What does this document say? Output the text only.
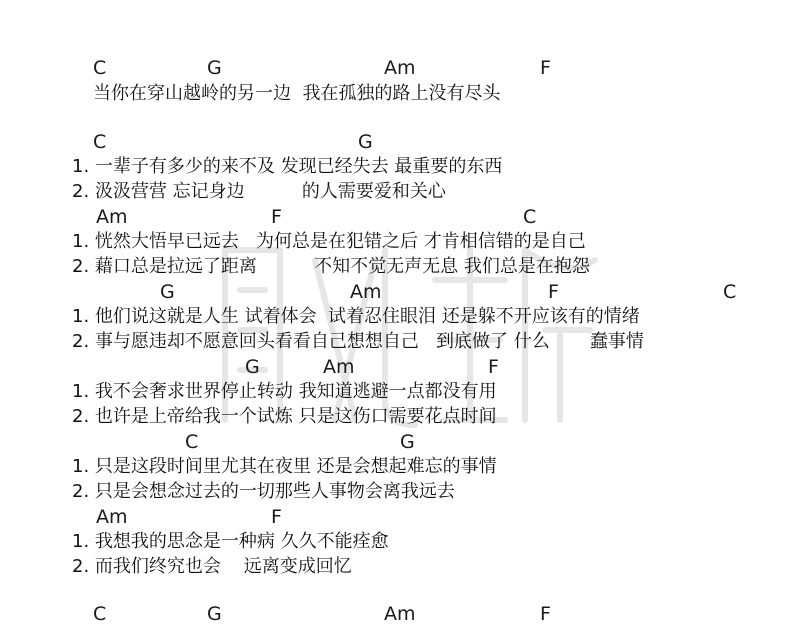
C	G	Am	F
当你在穿山越岭的另一边  我在孤独的路上没有尽头
C	G
1. 一辈子有多少的来不及 发现已经失去 最重要的东西
2. 汲汲营营 忘记身边          的人需要爱和关心
Am	F	C
1. 恍然大悟早已远去   为何总是在犯错之后 才肯相信错的是自己
2. 藉口总是拉远了距离          不知不觉无声无息 我们总是在抱怨
G	Am	F	C
1. 他们说这就是人生 试着体会  试着忍住眼泪 还是躲不开应该有的情绪
2. 事与愿违却不愿意回头看看自己想想自己   到底做了 什么       蠢事情
G	Am	F
1. 我不会奢求世界停止转动 我知道逃避一点都没有用
2. 也许是上帝给我一个试炼 只是这伤口需要花点时间
C	G
1. 只是这段时间里尤其在夜里 还是会想起难忘的事情
2. 只是会想念过去的一切那些人事物会离我远去
Am	F
1. 我想我的思念是一种病 久久不能痊愈
2. 而我们终究也会    远离变成回忆
C	G	Am	F
